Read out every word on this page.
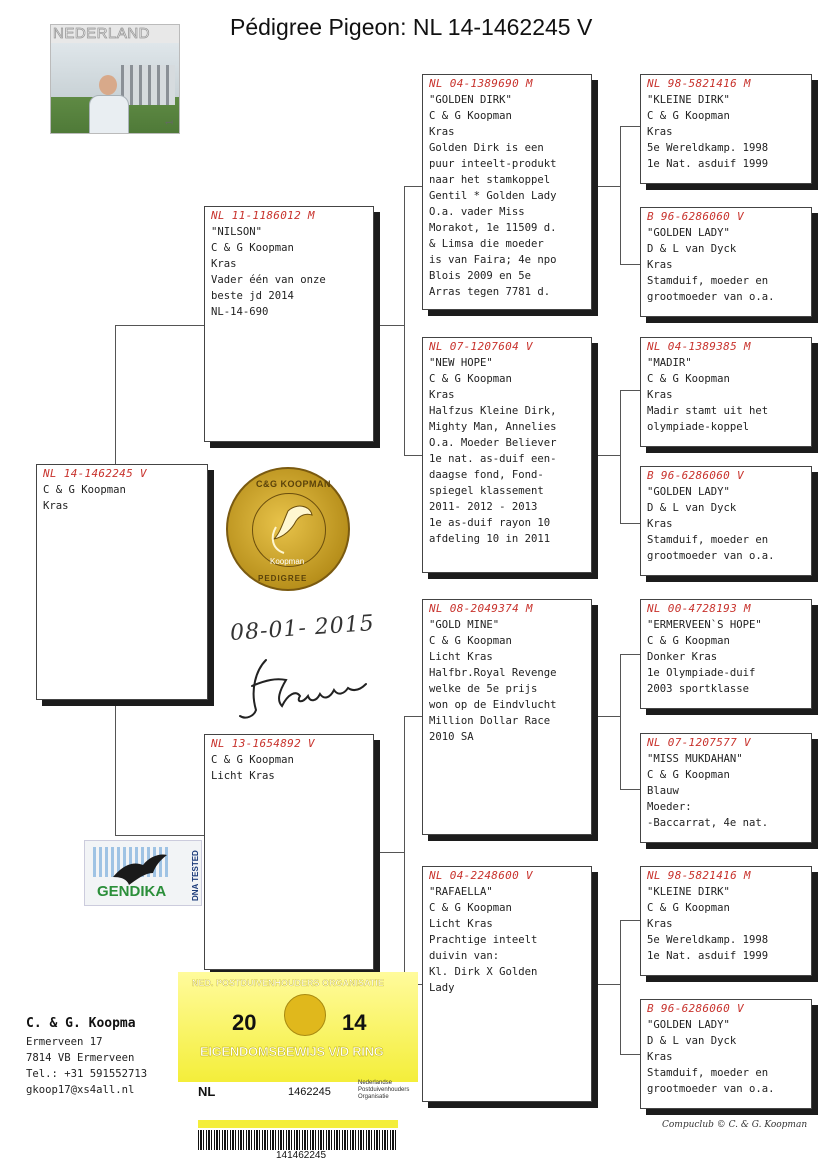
Pédigree Pigeon: NL 14-1462245 V
NEDERLAND
1
NL 14-1462245 V
C & G Koopman
Kras
NL 11-1186012 M
"NILSON"
C & G Koopman
Kras
Vader één van onze
beste jd 2014
NL-14-690
NL 13-1654892 V
C & G Koopman
Licht Kras
NL 04-1389690 M
"GOLDEN DIRK"
C & G Koopman
Kras
Golden Dirk is een
puur inteelt-produkt
naar het stamkoppel
Gentil * Golden Lady
O.a. vader Miss
Morakot, 1e 11509 d.
& Limsa die moeder
is van Faira; 4e npo
Blois 2009 en 5e
Arras tegen 7781 d.
NL 07-1207604 V
"NEW HOPE"
C & G Koopman
Kras
Halfzus Kleine Dirk,
Mighty Man, Annelies
O.a. Moeder Believer
1e nat. as-duif een-
daagse fond, Fond-
spiegel klassement
2011- 2012 - 2013
1e as-duif rayon 10
afdeling 10 in 2011
NL 08-2049374 M
"GOLD MINE"
C & G Koopman
Licht Kras
Halfbr.Royal Revenge
welke de 5e prijs
won op de Eindvlucht
Million Dollar Race
2010 SA
NL 04-2248600 V
"RAFAELLA"
C & G Koopman
Licht Kras
Prachtige inteelt
duivin van:
Kl. Dirk X Golden
Lady
NL 98-5821416 M
"KLEINE DIRK"
C & G Koopman
Kras
5e Wereldkamp. 1998
1e Nat. asduif 1999
B 96-6286060 V
"GOLDEN LADY"
D & L van Dyck
Kras
Stamduif, moeder en
grootmoeder van o.a.
NL 04-1389385 M
"MADIR"
C & G Koopman
Kras
Madir stamt uit het
olympiade-koppel
B 96-6286060 V
"GOLDEN LADY"
D & L van Dyck
Kras
Stamduif, moeder en
grootmoeder van o.a.
NL 00-4728193 M
"ERMERVEEN`S HOPE"
C & G Koopman
Donker Kras
1e Olympiade-duif
2003 sportklasse
NL 07-1207577 V
"MISS MUKDAHAN"
C & G Koopman
Blauw
Moeder:
-Baccarrat, 4e nat.
NL 98-5821416 M
"KLEINE DIRK"
C & G Koopman
Kras
5e Wereldkamp. 1998
1e Nat. asduif 1999
B 96-6286060 V
"GOLDEN LADY"
D & L van Dyck
Kras
Stamduif, moeder en
grootmoeder van o.a.
C&G KOOPMAN
Koopman
PEDIGREE
08-01- 2015
GENDIKA	DNA TESTED
C. & G. Koopma
Ermerveen 17
7814 VB Ermerveen
Tel.: +31 591552713
gkoop17@xs4all.nl
NED. POSTDUIVENHOUDERS ORGANISATIE
20	14
EIGENDOMSBEWIJS V/D RING
NL	1462245
Nederlandse Postduivenhouders Organisatie
141462245
Compuclub © C. & G. Koopman
